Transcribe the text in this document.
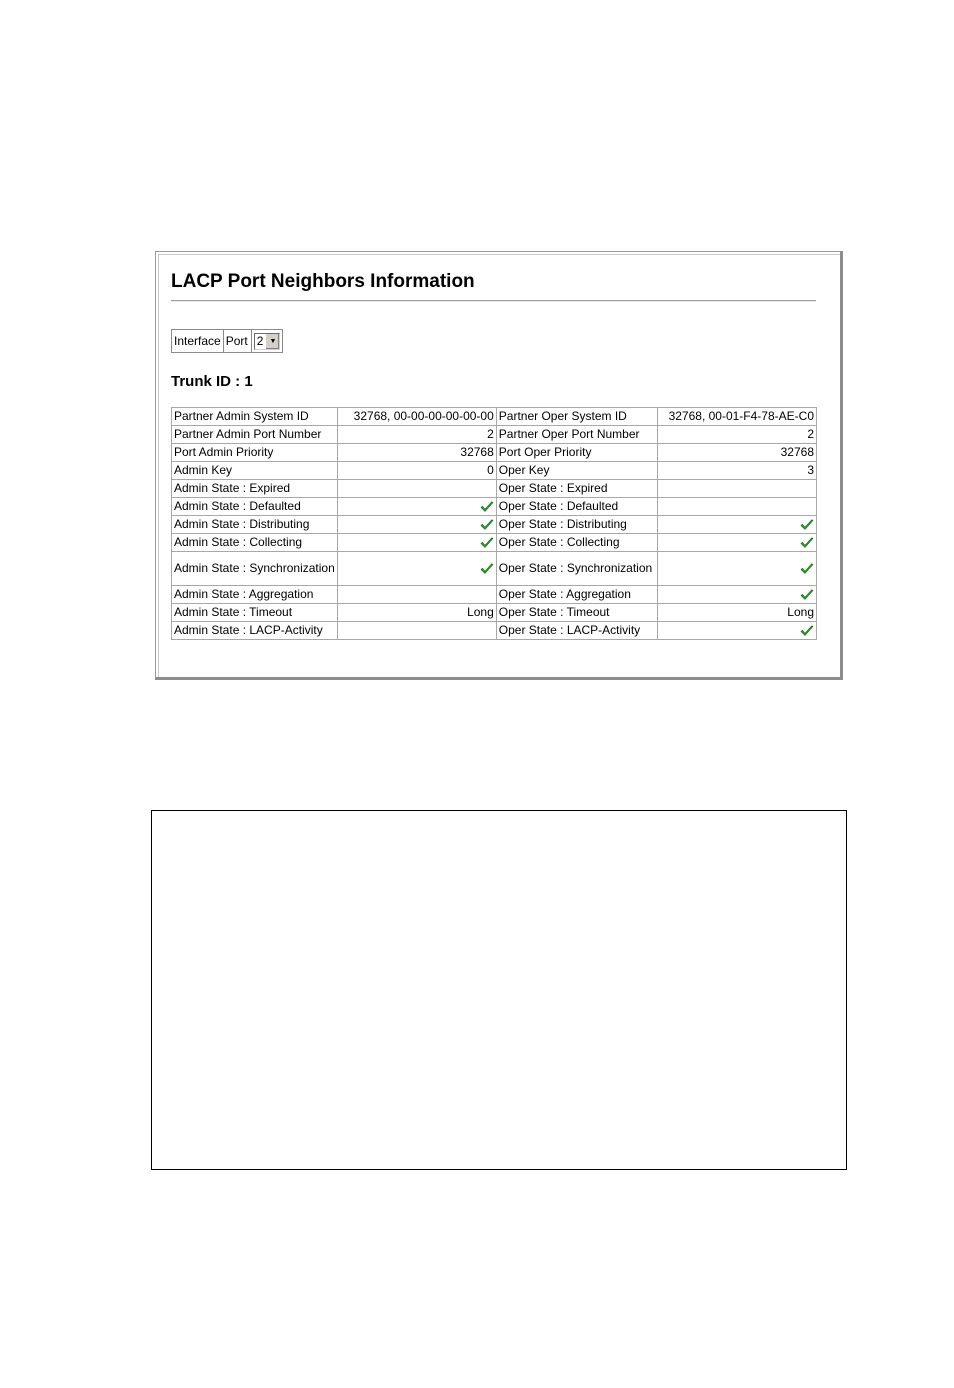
LACP Port Neighbors Information
Interface Port 2 ▼
Trunk ID : 1
Partner Admin System ID	32768, 00-00-00-00-00-00	Partner Oper System ID	32768, 00-01-F4-78-AE-C0
Partner Admin Port Number	2	Partner Oper Port Number	2
Port Admin Priority	32768	Port Oper Priority	32768
Admin Key	0	Oper Key	3
Admin State : Expired		Oper State : Expired	
Admin State : Defaulted		Oper State : Defaulted	
Admin State : Distributing		Oper State : Distributing	
Admin State : Collecting		Oper State : Collecting	
Admin State : Synchronization		Oper State : Synchronization	
Admin State : Aggregation		Oper State : Aggregation	
Admin State : Timeout	Long	Oper State : Timeout	Long
Admin State : LACP-Activity		Oper State : LACP-Activity	
